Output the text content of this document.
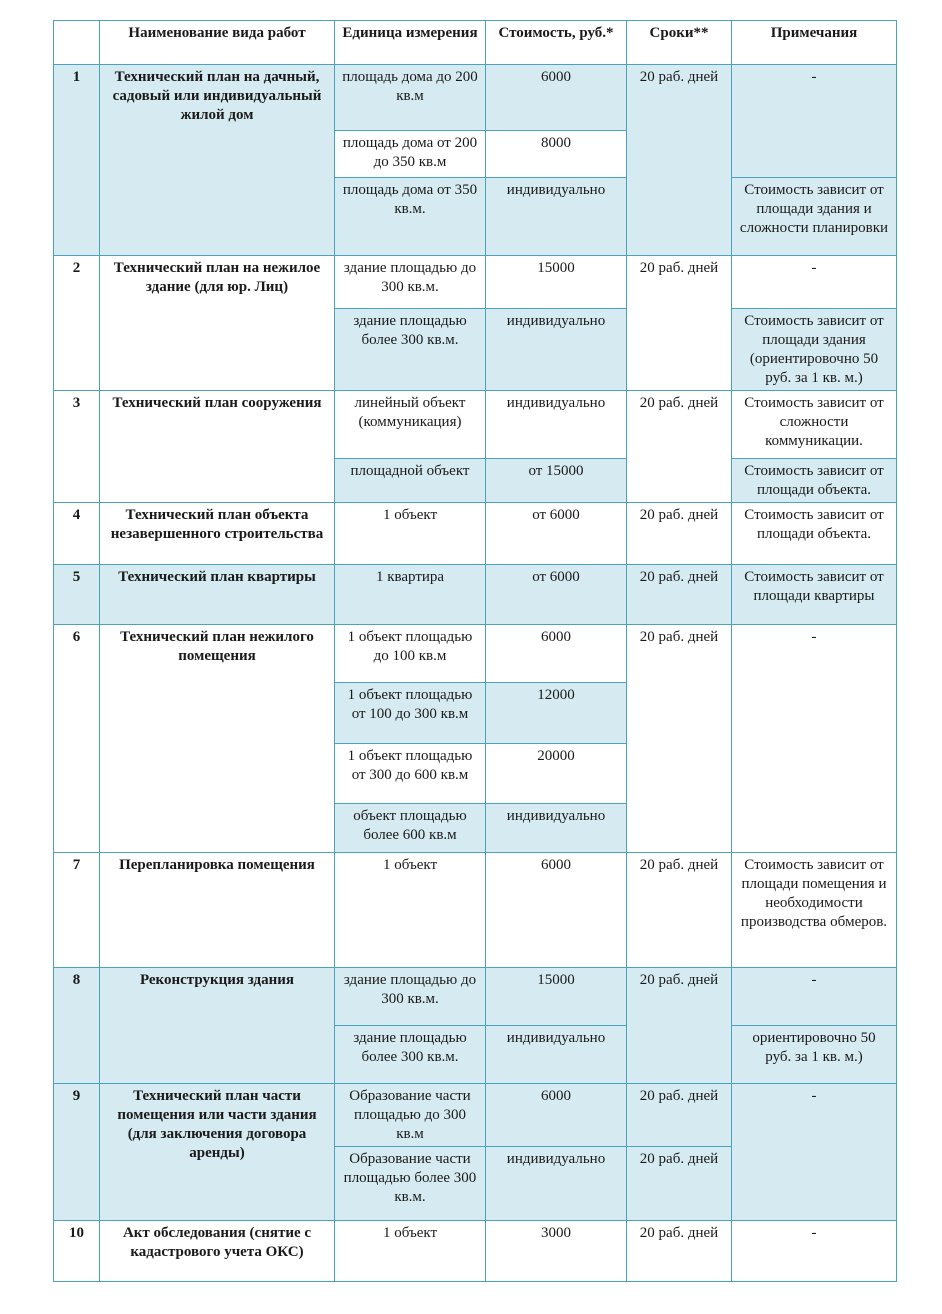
	Наименование вида работ	Единица измерения	Стоимость, руб.*	Сроки**	Примечания
1	Технический план на дачный, садовый или индивидуальный жилой дом	площадь дома до 200 кв.м	6000	20 раб. дней	-
		площадь дома от 200 до 350 кв.м	8000		
		площадь дома от 350 кв.м.	индивидуально		Стоимость зависит от площади здания и сложности планировки
2	Технический план на нежилое здание (для юр. Лиц)	здание площадью до 300 кв.м.	15000	20 раб. дней	-
		здание площадью более 300 кв.м.	индивидуально		Стоимость зависит от площади здания (ориентировочно 50 руб. за 1 кв. м.)
3	Технический план сооружения	линейный объект (коммуникация)	индивидуально	20 раб. дней	Стоимость зависит от сложности коммуникации.
		площадной объект	от 15000		Стоимость зависит от площади объекта.
4	Технический план объекта незавершенного строительства	1 объект	от 6000	20 раб. дней	Стоимость зависит от площади объекта.
5	Технический план квартиры	1 квартира	от 6000	20 раб. дней	Стоимость зависит от площади квартиры
6	Технический план нежилого помещения	1 объект площадью до 100 кв.м	6000	20 раб. дней	-
		1 объект площадью от 100 до 300 кв.м	12000		
		1 объект площадью от 300 до 600 кв.м	20000		
		объект площадью более 600 кв.м	индивидуально		
7	Перепланировка помещения	1 объект	6000	20 раб. дней	Стоимость зависит от площади помещения и необходимости производства обмеров.
8	Реконструкция здания	здание площадью до 300 кв.м.	15000	20 раб. дней	-
		здание площадью более 300 кв.м.	индивидуально		ориентировочно 50 руб. за 1 кв. м.)
9	Технический план части помещения или части здания (для заключения договора аренды)	Образование части площадью до 300 кв.м	6000	20 раб. дней	-
		Образование части площадью более 300 кв.м.	индивидуально	20 раб. дней	
10	Акт обследования (снятие с кадастрового учета ОКС)	1 объект	3000	20 раб. дней	-
